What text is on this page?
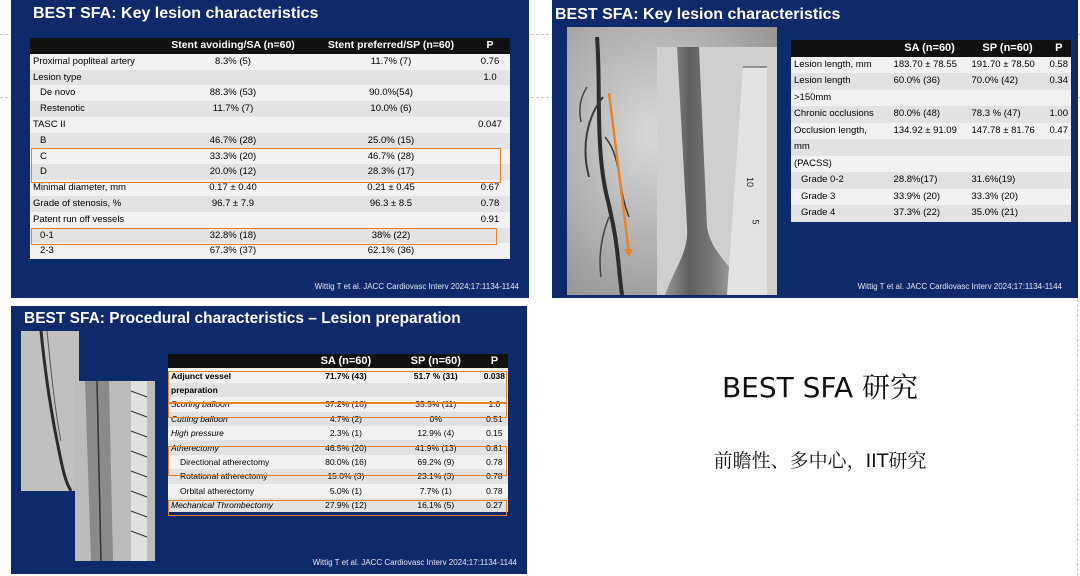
BEST SFA: Key lesion characteristics
	Stent avoiding/SA (n=60)	Stent preferred/SP (n=60)	P
Proximal popliteal artery	8.3% (5)	11.7% (7)	0.76
Lesion type			1.0
De novo	88.3% (53)	90.0%(54)	
Restenotic	11.7% (7)	10.0% (6)	
TASC II			0.047
B	46.7% (28)	25.0% (15)	
C	33.3% (20)	46.7% (28)	
D	20.0% (12)	28.3% (17)	
Minimal diameter, mm	0.17 ± 0.40	0.21 ± 0.45	0.67
Grade of stenosis, %	96.7 ± 7.9	96.3 ± 8.5	0.78
Patent run off vessels			0.91
0-1	32.8% (18)	38% (22)	
2-3	67.3% (37)	62.1% (36)	
Wittig T et al. JACC Cardiovasc Interv 2024;17:1134-1144
BEST SFA: Key lesion characteristics
10
5
	SA (n=60)	SP (n=60)	P
Lesion length, mm	183.70 ± 78.55	191.70 ± 78.50	0.58
Lesion length	60.0% (36)	70.0% (42)	0.34
>150mm			
Chronic occlusions	80.0% (48)	78.3 % (47)	1.00
Occlusion length,	134.92 ± 91.09	147.78 ± 81.76	0.47
mm			
(PACSS)			
Grade 0-2	28.8%(17)	31.6%(19)	
Grade 3	33.9% (20)	33.3% (20)	
Grade 4	37.3% (22)	35.0% (21)	
Wittig T et al. JACC Cardiovasc Interv 2024;17:1134-1144
BEST SFA: Procedural characteristics – Lesion preparation
	SA (n=60)	SP (n=60)	P
Adjunct vessel	71.7% (43)	51.7 % (31)	0.038
preparation			
Scoring balloon	37.2% (16)	35.5% (11)	1.0
Cutting balloon	4.7% (2)	0%	0.51
High pressure	2.3% (1)	12.9% (4)	0.15
Atherectomy	46.5% (20)	41.9% (13)	0.81
Directional atherectomy	80.0% (16)	69.2% (9)	0.78
Rotational atherectomy	15.0% (3)	23.1% (3)	0.78
Orbital atherectomy	5.0% (1)	7.7% (1)	0.78
Mechanical Thrombectomy	27.9% (12)	16.1% (5)	0.27
Wittig T et al. JACC Cardiovasc Interv 2024;17:1134-1144
BEST SFA 研究
前瞻性、多中心，IIT研究
